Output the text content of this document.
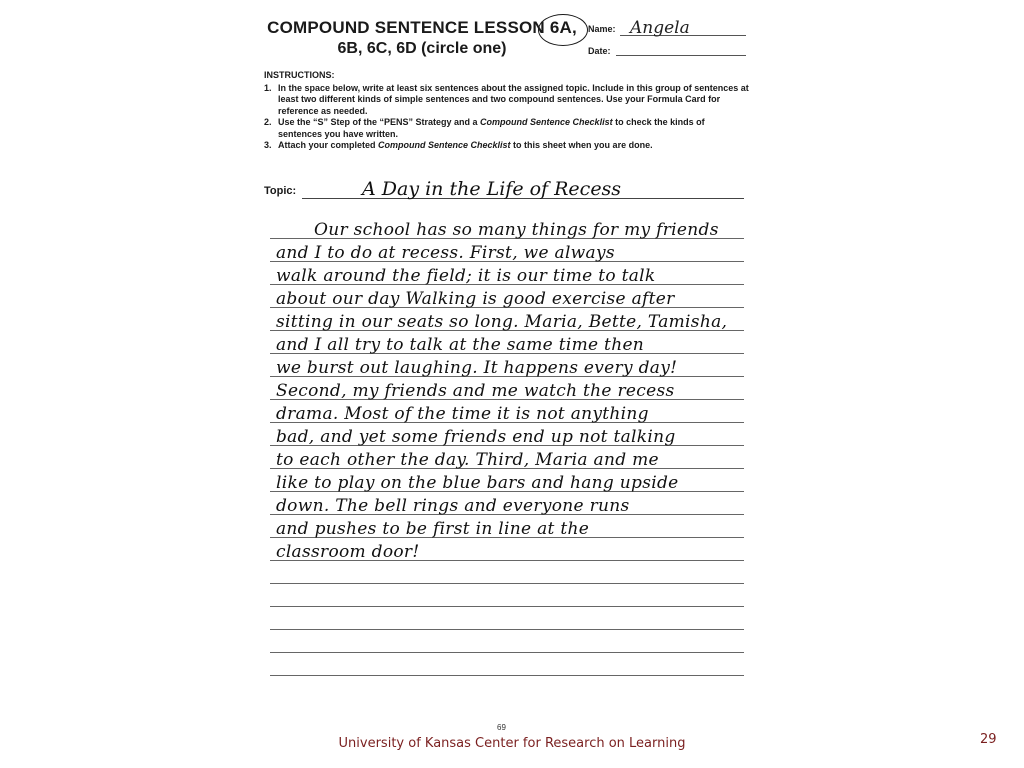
COMPOUND SENTENCE LESSON 6A,
6B, 6C, 6D (circle one)
Name: Angela
Date:
INSTRUCTIONS:
1. In the space below, write at least six sentences about the assigned topic. Include in this group of sentences at least two different kinds of simple sentences and two compound sentences. Use your Formula Card for reference as needed.
2. Use the “S” Step of the “PENS” Strategy and a Compound Sentence Checklist to check the kinds of sentences you have written.
3. Attach your completed Compound Sentence Checklist to this sheet when you are done.
Topic:	A Day in the Life of Recess
Our school has so many things for my friends
and I to do at recess. First, we always
walk around the field; it is our time to talk
about our day Walking is good exercise after
sitting in our seats so long. Maria, Bette, Tamisha,
and I all try to talk at the same time then
we burst out laughing. It happens every day!
Second, my friends and me watch the recess
drama. Most of the time it is not anything
bad, and yet some friends end up not talking
to each other the day. Third, Maria and me
like to play on the blue bars and hang upside
down. The bell rings and everyone runs
and pushes to be first in line at the
classroom door!
69
University of Kansas Center for Research on Learning	29
